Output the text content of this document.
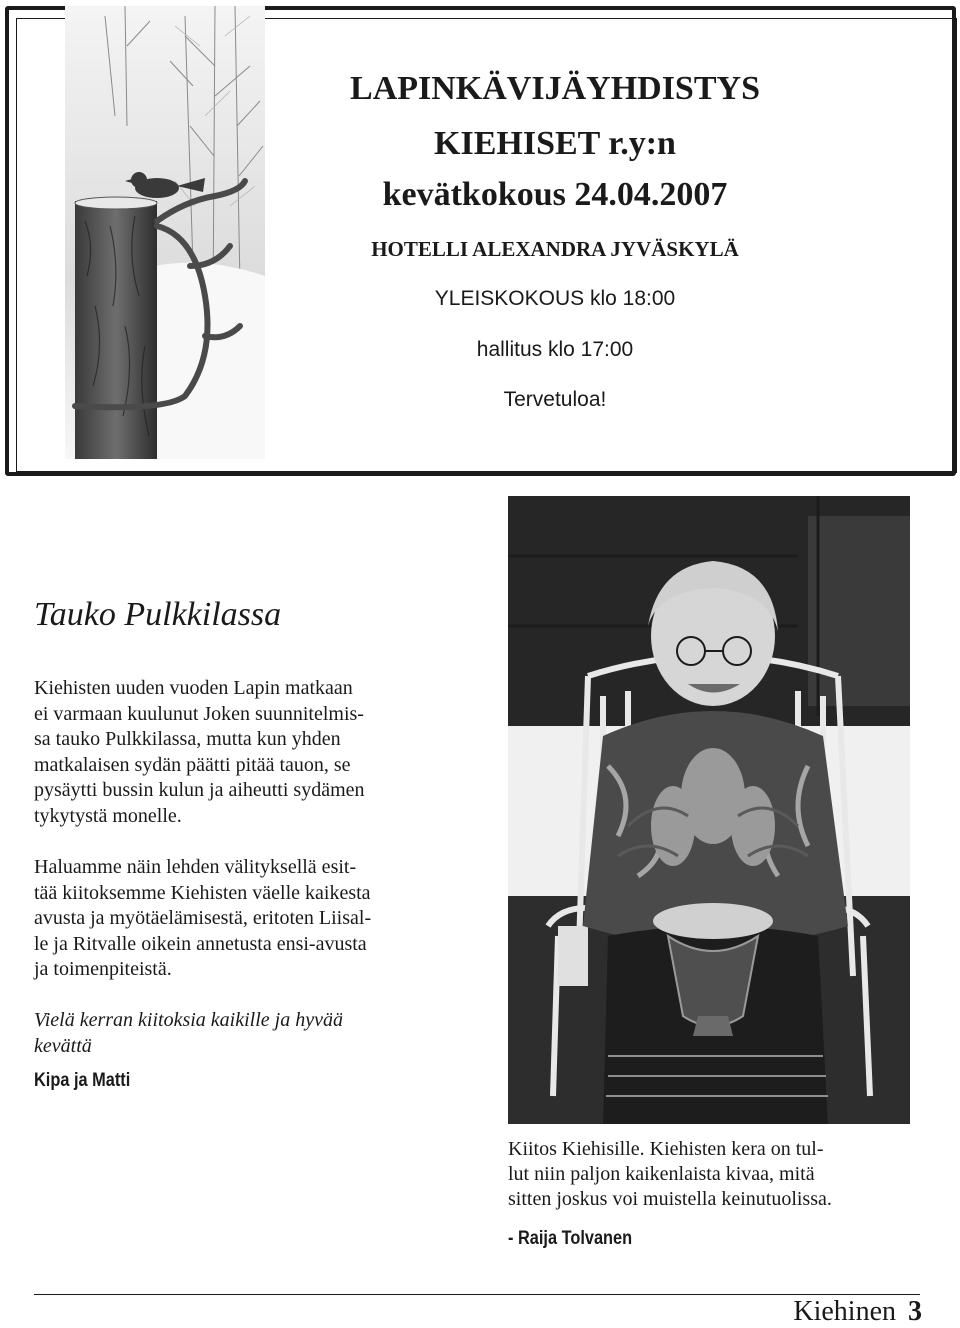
LAPINKÄVIJÄYHDISTYS
KIEHISET r.y:n
kevätkokous 24.04.2007
HOTELLI ALEXANDRA JYVÄSKYLÄ
YLEISKOKOUS klo 18:00
hallitus klo 17:00
Tervetuloa!
Tauko Pulkkilassa
Kiehisten uuden vuoden Lapin matkaan
ei varmaan kuulunut Joken suunnitelmis-
sa tauko Pulkkilassa, mutta kun yhden
matkalaisen sydän päätti pitää tauon, se
pysäytti bussin kulun ja aiheutti sydämen
tykytystä monelle.
Haluamme näin lehden välityksellä esit-
tää kiitoksemme Kiehisten väelle kaikesta
avusta ja myötäelämisestä, eritoten Liisal-
le ja Ritvalle oikein annetusta ensi-avusta
ja toimenpiteistä.
Vielä kerran kiitoksia kaikille ja hyvää
kevättä
Kipa ja Matti
Kiitos Kiehisille. Kiehisten kera on tul-
lut niin paljon kaikenlaista kivaa, mitä
sitten joskus voi muistella keinutuolissa.
- Raija Tolvanen
Kiehinen 3
